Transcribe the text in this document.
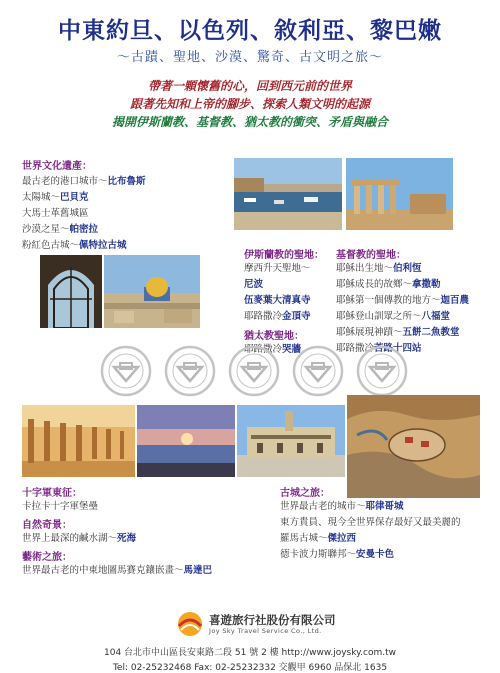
中東約旦、以色列、敘利亞、黎巴嫩
～古蹟、聖地、沙漠、驚奇、古文明之旅～
帶著一顆懷舊的心，回到西元前的世界
跟著先知和上帝的腳步、探索人類文明的起源
揭開伊斯蘭教、基督教、猶太教的衝突、矛盾與融合
世界文化遺產：
最古老的港口城市～比布魯斯
太陽城～巴貝克
大馬士革舊城區
沙漠之星～帕密拉
粉紅色古城～佩特拉古城
伊斯蘭教的聖地：
摩西升天聖地～
尼波
伍麥葉大清真寺
耶路撒冷金頂寺
猶太教聖地：
耶路撒冷哭牆
基督教的聖地：
耶穌出生地～伯利恆
耶穌成長的故鄉～拿撒勒
耶穌第一個傳教的地方～迦百農
耶穌登山訓眾之所～八福堂
耶穌展現神蹟～五餅二魚教堂
耶路撒冷苦路十四站
十字軍東征：
卡拉卡十字軍堡壘
自然奇景：
世界上最深的鹹水湖～死海
藝術之旅：
世界最古老的中東地圖馬賽克鑲嵌畫～馬達巴
古城之旅：
世界最古老的城市～耶律哥城
東方貴員、現今全世界保存最好又最美麗的
羅馬古城～傑拉西
德卡波力斯聯邦～安曼卡色
喜遊旅行社股份有限公司
Joy Sky Travel Service Co., Ltd.
104 台北市中山區長安東路二段 51 號 2 樓 http://www.joysky.com.tw
Tel: 02-25232468 Fax: 02-25232332 交觀甲 6960 品保北 1635
